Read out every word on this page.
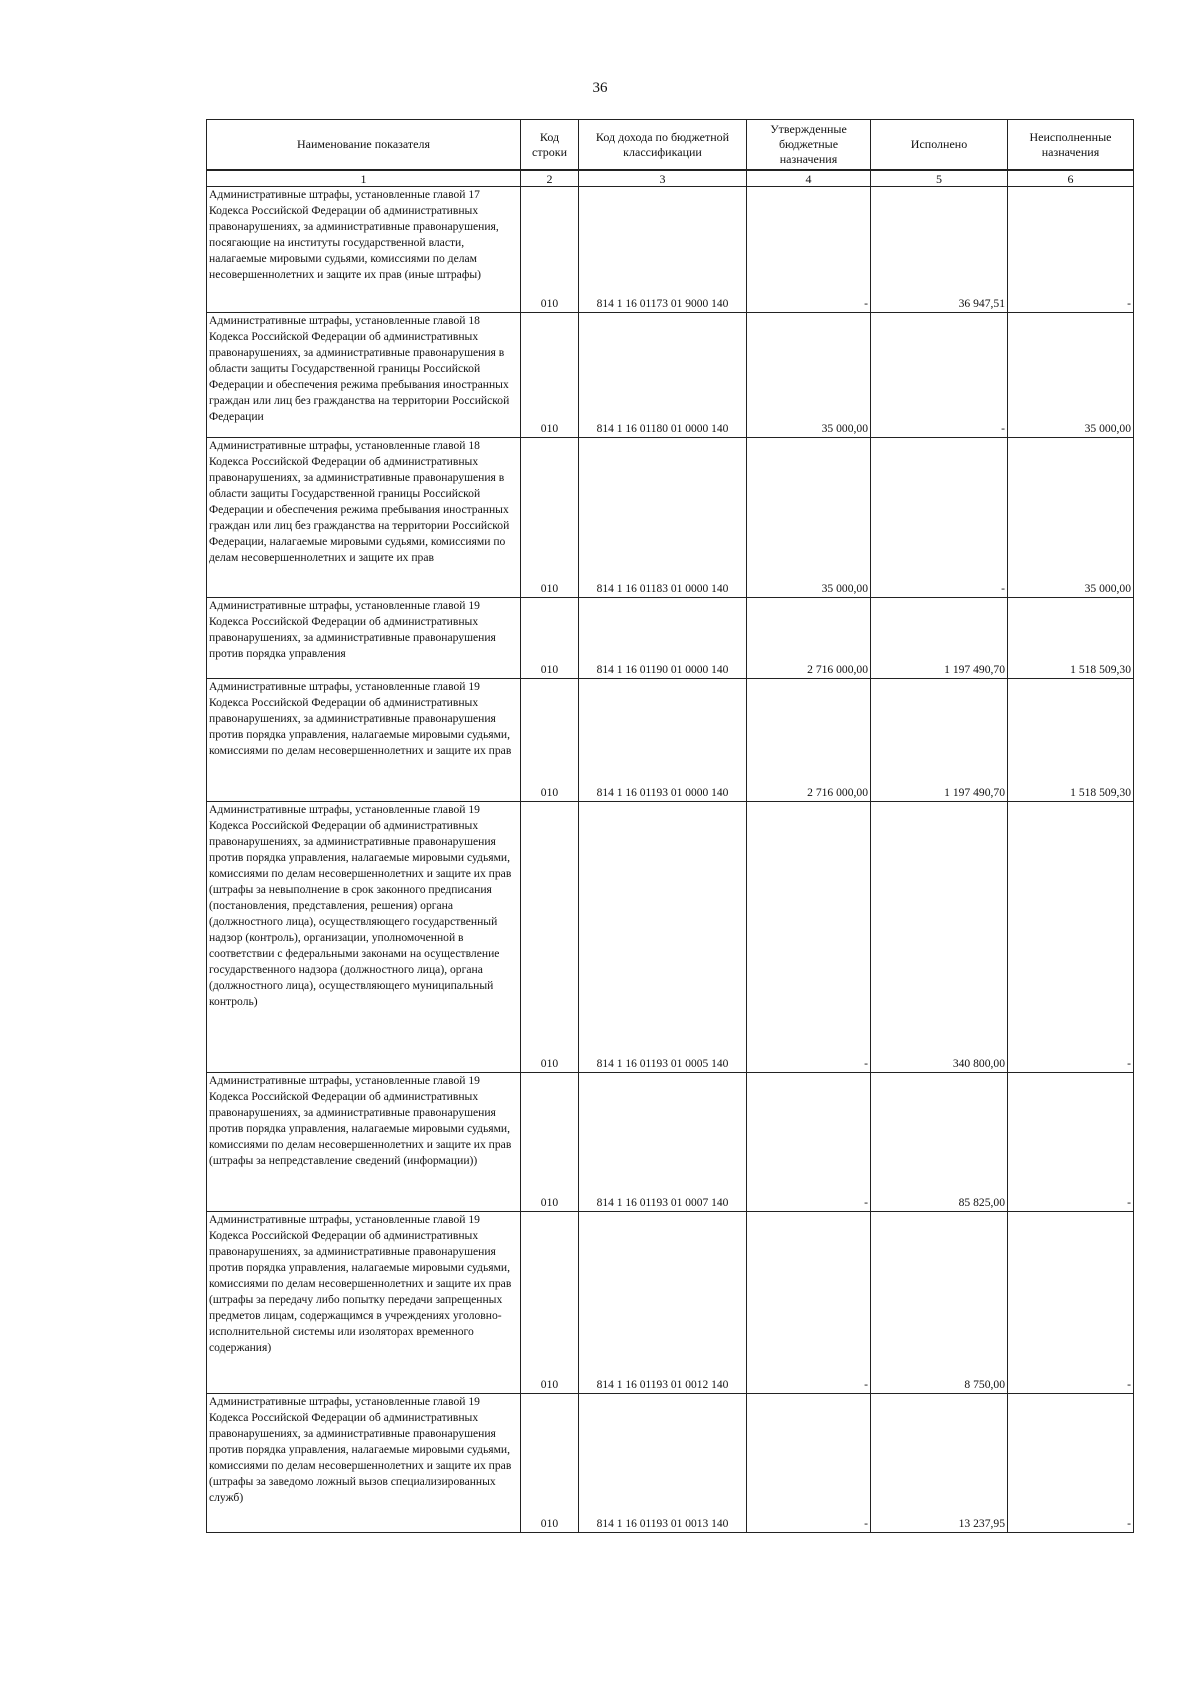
36
Наименование показателя	Код строки	Код дохода по бюджетной классификации	Утвержденные бюджетные назначения	Исполнено	Неисполненные назначения
1	2	3	4	5	6
Административные штрафы, установленные главой 17 Кодекса Российской Федерации об административных правонарушениях, за административные правонарушения, посягающие на институты государственной власти, налагаемые мировыми судьями, комиссиями по делам несовершеннолетних и защите их прав (иные штрафы)	010	814 1 16 01173 01 9000 140	-	36 947,51	-
Административные штрафы, установленные главой 18 Кодекса Российской Федерации об административных правонарушениях, за административные правонарушения в области защиты Государственной границы Российской Федерации и обеспечения режима пребывания иностранных граждан или лиц без гражданства на территории Российской Федерации	010	814 1 16 01180 01 0000 140	35 000,00	-	35 000,00
Административные штрафы, установленные главой 18 Кодекса Российской Федерации об административных правонарушениях, за административные правонарушения в области защиты Государственной границы Российской Федерации и обеспечения режима пребывания иностранных граждан или лиц без гражданства на территории Российской Федерации, налагаемые мировыми судьями, комиссиями по делам несовершеннолетних и защите их прав	010	814 1 16 01183 01 0000 140	35 000,00	-	35 000,00
Административные штрафы, установленные главой 19 Кодекса Российской Федерации об административных правонарушениях, за административные правонарушения против порядка управления	010	814 1 16 01190 01 0000 140	2 716 000,00	1 197 490,70	1 518 509,30
Административные штрафы, установленные главой 19 Кодекса Российской Федерации об административных правонарушениях, за административные правонарушения против порядка управления, налагаемые мировыми судьями, комиссиями по делам несовершеннолетних и защите их прав	010	814 1 16 01193 01 0000 140	2 716 000,00	1 197 490,70	1 518 509,30
Административные штрафы, установленные главой 19 Кодекса Российской Федерации об административных правонарушениях, за административные правонарушения против порядка управления, налагаемые мировыми судьями, комиссиями по делам несовершеннолетних и защите их прав (штрафы за невыполнение в срок законного предписания (постановления, представления, решения) органа (должностного лица), осуществляющего государственный надзор (контроль), организации, уполномоченной в соответствии с федеральными законами на осуществление государственного надзора (должностного лица), органа (должностного лица), осуществляющего муниципальный контроль)	010	814 1 16 01193 01 0005 140	-	340 800,00	-
Административные штрафы, установленные главой 19 Кодекса Российской Федерации об административных правонарушениях, за административные правонарушения против порядка управления, налагаемые мировыми судьями, комиссиями по делам несовершеннолетних и защите их прав (штрафы за непредставление сведений (информации))	010	814 1 16 01193 01 0007 140	-	85 825,00	-
Административные штрафы, установленные главой 19 Кодекса Российской Федерации об административных правонарушениях, за административные правонарушения против порядка управления, налагаемые мировыми судьями, комиссиями по делам несовершеннолетних и защите их прав (штрафы за передачу либо попытку передачи запрещенных предметов лицам, содержащимся в учреждениях уголовно-исполнительной системы или изоляторах временного содержания)	010	814 1 16 01193 01 0012 140	-	8 750,00	-
Административные штрафы, установленные главой 19 Кодекса Российской Федерации об административных правонарушениях, за административные правонарушения против порядка управления, налагаемые мировыми судьями, комиссиями по делам несовершеннолетних и защите их прав (штрафы за заведомо ложный вызов специализированных служб)	010	814 1 16 01193 01 0013 140	-	13 237,95	-
